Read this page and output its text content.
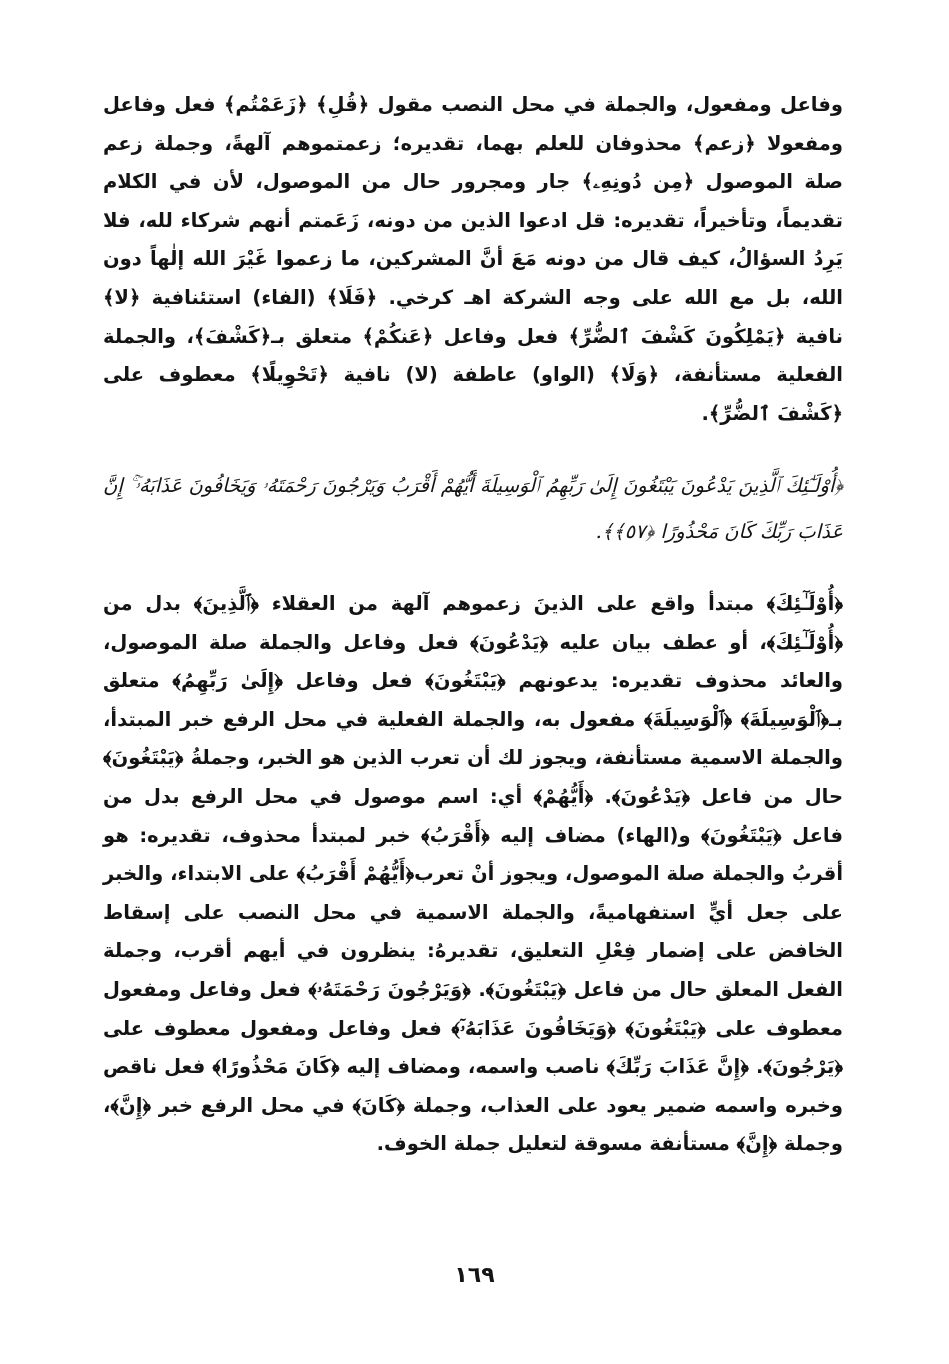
وفاعل ومفعول، والجملة في محل النصب مقول ﴿قُلِ﴾ ﴿زَعَمْتُم﴾ فعل وفاعل ومفعولا ﴿زعم﴾ محذوفان للعلم بهما، تقديره؛ زعمتموهم آلهةً، وجملة زعم صلة الموصول ﴿مِن دُونِهِۦ﴾ جار ومجرور حال من الموصول، لأن في الكلام تقديماً، وتأخيراً، تقديره: قل ادعوا الذين من دونه، زَعَمتم أنهم شركاء لله، فلا يَرِدُ السؤالُ، كيف قال من دونه مَعَ أنَّ المشركين، ما زعموا غَيْرَ الله إلٰهاً دون الله، بل مع الله على وجه الشركة اهـ كرخي. ﴿فَلَا﴾ (الفاء) استئنافية ﴿لا﴾ نافية ﴿يَمْلِكُونَ كَشْفَ ٱلضُّرِّ﴾ فعل وفاعل ﴿عَنكُمْ﴾ متعلق بـ﴿كَشْفَ﴾، والجملة الفعلية مستأنفة، ﴿وَلَا﴾ (الواو) عاطفة (لا) نافية ﴿تَحْوِيلًا﴾ معطوف على ﴿كَشْفَ ٱلضُّرِّ﴾.

﴿أُوْلَـٰٓئِكَ ٱلَّذِينَ يَدْعُونَ يَبْتَغُونَ إِلَىٰ رَبِّهِمُ ٱلْوَسِيلَةَ أَيُّهُمْ أَقْرَبُ وَيَرْجُونَ رَحْمَتَهُۥ وَيَخَافُونَ عَذَابَهُۥٓ ۚ إِنَّ عَذَابَ رَبِّكَ كَانَ مَحْذُورًا ﴿٥٧﴾﴾.

﴿أُوْلَـٰٓئِكَ﴾ مبتدأ واقع على الذينَ زعموهم آلهة من العقلاء ﴿ٱلَّذِينَ﴾ بدل من ﴿أُوْلَـٰٓئِكَ﴾، أو عطف بيان عليه ﴿يَدْعُونَ﴾ فعل وفاعل والجملة صلة الموصول، والعائد محذوف تقديره: يدعونهم ﴿يَبْتَغُونَ﴾ فعل وفاعل ﴿إِلَىٰ رَبِّهِمُ﴾ متعلق بـ﴿ٱلْوَسِيلَةَ﴾ ﴿ٱلْوَسِيلَةَ﴾ مفعول به، والجملة الفعلية في محل الرفع خبر المبتدأ، والجملة الاسمية مستأنفة، ويجوز لك أن تعرب الذين هو الخبر، وجملةُ ﴿يَبْتَغُونَ﴾ حال من فاعل ﴿يَدْعُونَ﴾. ﴿أَيُّهُمْ﴾ أي: اسم موصول في محل الرفع بدل من فاعل ﴿يَبْتَغُونَ﴾ و(الهاء) مضاف إليه ﴿أَقْرَبُ﴾ خبر لمبتدأ محذوف، تقديره: هو أقربُ والجملة صلة الموصول، ويجوز أنْ تعرب﴿أَيُّهُمْ أَقْرَبُ﴾ على الابتداء، والخبر على جعل أيٍّ استفهاميةً، والجملة الاسمية في محل النصب على إسقاط الخافض على إضمار فِعْلِ التعليق، تقديرهُ: ينظرون في أيهم أقرب، وجملة الفعل المعلق حال من فاعل ﴿يَبْتَغُونَ﴾. ﴿وَيَرْجُونَ رَحْمَتَهُۥ﴾ فعل وفاعل ومفعول معطوف على ﴿يَبْتَغُونَ﴾ ﴿وَيَخَافُونَ عَذَابَهُۥٓ﴾ فعل وفاعل ومفعول معطوف على ﴿يَرْجُونَ﴾. ﴿إِنَّ عَذَابَ رَبِّكَ﴾ ناصب واسمه، ومضاف إليه ﴿كَانَ مَحْذُورًا﴾ فعل ناقص وخبره واسمه ضمير يعود على العذاب، وجملة ﴿كَانَ﴾ في محل الرفع خبر ﴿إِنَّ﴾، وجملة ﴿إِنَّ﴾ مستأنفة مسوقة لتعليل جملة الخوف.

١٦٩
